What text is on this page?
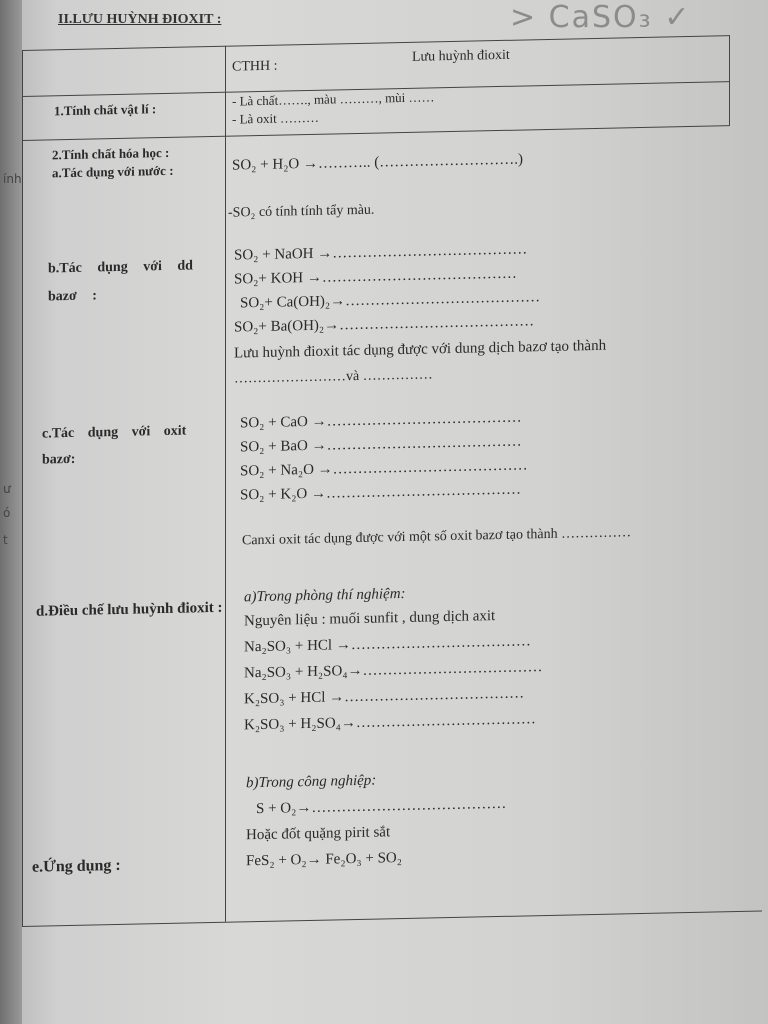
ính
ư
ó
t
> CaSO₃ ✓
II.LƯU HUỲNH ĐIOXIT :
CTHH :
Lưu huỳnh đioxit
1.Tính chất vật lí :
- Là chất……., màu ………, mùi ……
- Là oxit ………
2.Tính chất hóa học :
a.Tác dụng với nước :	SO₂ + H₂O →……….. (……………………….)
-SO₂ có tính tính tẩy màu.
b.Tác dụng với dd bazơ :
SO₂ + NaOH →…………………………………
SO₂+ KOH →…………………………………
SO₂+ Ca(OH)₂→…………………………………
SO₂+ Ba(OH)₂→…………………………………
Lưu huỳnh đioxit tác dụng được với dung dịch bazơ tạo thành
……………………và ……………
c.Tác dụng với oxit bazơ:
SO₂ + CaO →…………………………………
SO₂ + BaO →…………………………………
SO₂ + Na₂O →…………………………………
SO₂ + K₂O →…………………………………
Canxi oxit tác dụng được với một số oxit bazơ tạo thành ……………
d.Điều chế lưu huỳnh đioxit :
a)Trong phòng thí nghiệm:
Nguyên liệu : muối sunfit , dung dịch axit
Na₂SO₃ + HCl →………………………………
Na₂SO₃ + H₂SO₄→………………………………
K₂SO₃ + HCl →………………………………
K₂SO₃ + H₂SO₄→………………………………
b)Trong công nghiệp:
S + O₂→…………………………………
Hoặc đốt quặng pirit sắt
FeS₂ + O₂→ Fe₂O₃ + SO₂
e.Ứng dụng :
